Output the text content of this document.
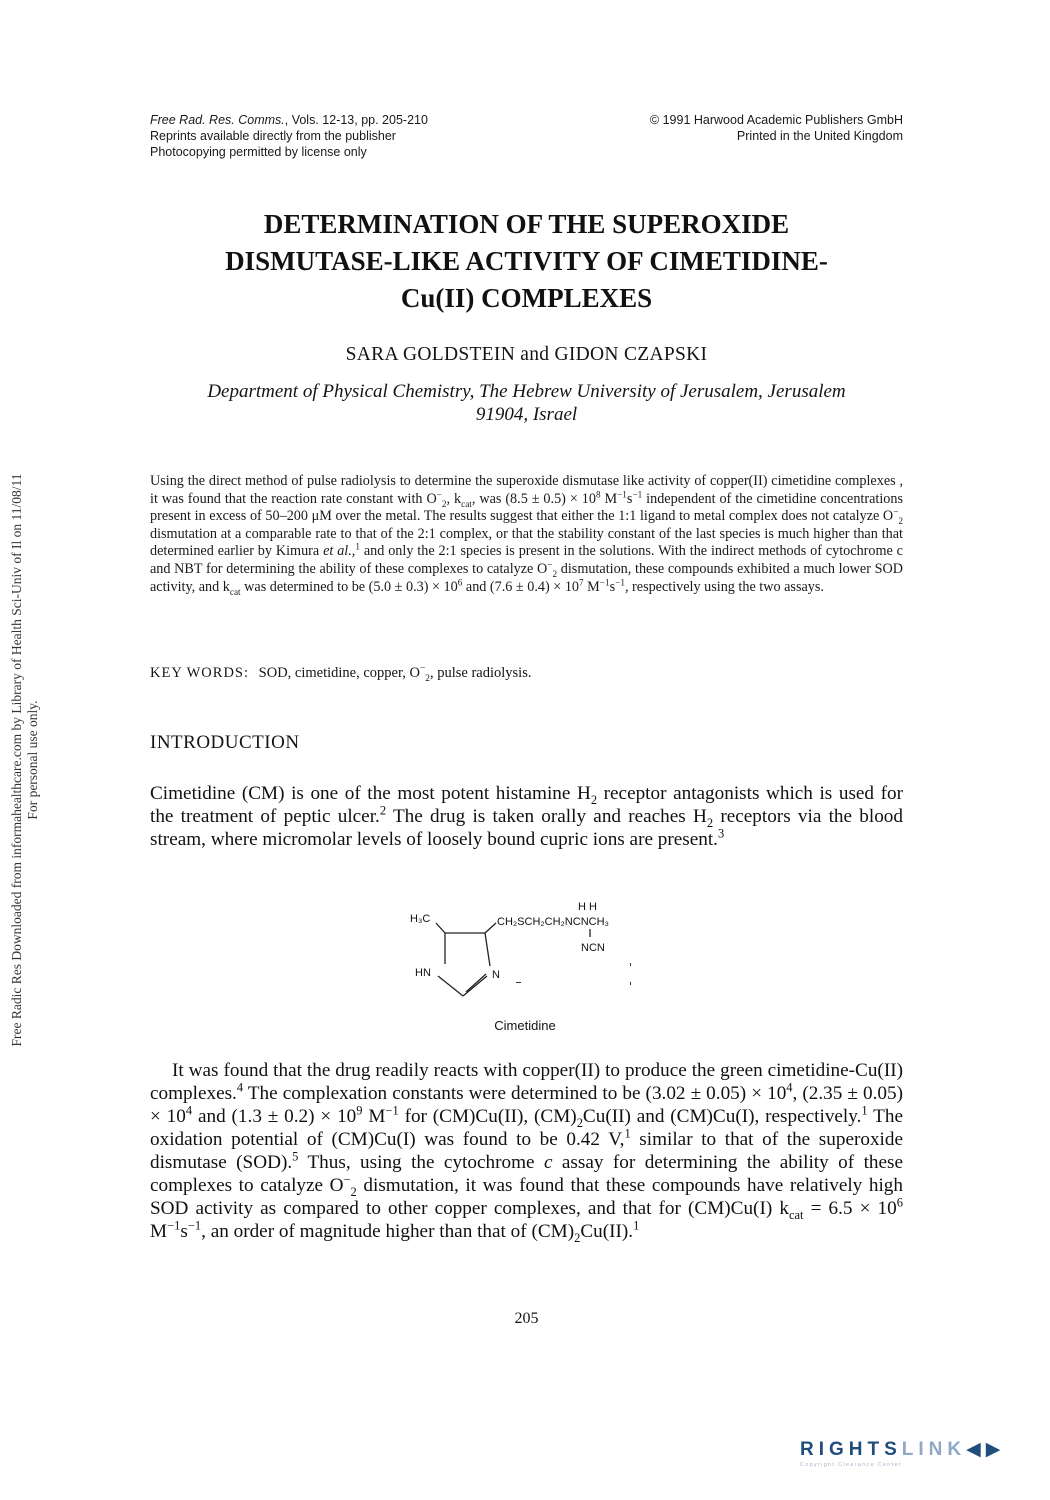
Free Radic Res Downloaded from informahealthcare.com by Library of Health Sci-Univ of Il on 11/08/11 For personal use only.
Free Rad. Res. Comms., Vols. 12-13, pp. 205-210
Reprints available directly from the publisher
Photocopying permitted by license only
© 1991 Harwood Academic Publishers GmbH
Printed in the United Kingdom
DETERMINATION OF THE SUPEROXIDE
DISMUTASE-LIKE ACTIVITY OF CIMETIDINE-
Cu(II) COMPLEXES
SARA GOLDSTEIN and GIDON CZAPSKI
Department of Physical Chemistry, The Hebrew University of Jerusalem, Jerusalem
91904, Israel
Using the direct method of pulse radiolysis to determine the superoxide dismutase like activity of copper(II) cimetidine complexes , it was found that the reaction rate constant with $O^-_2$, $k_{cat}$, was $(8.5 \pm 0.5) \times 10^8$ $M^{-1}s^{-1}$ independent of the cimetidine concentrations present in excess of 50–200 μM over the metal. The results suggest that either the 1:1 ligand to metal complex does not catalyze $O^-_2$ dismutation at a comparable rate to that of the 2:1 complex, or that the stability constant of the last species is much higher than that determined earlier by Kimura et al.,$^1$ and only the 2:1 species is present in the solutions. With the indirect methods of cytochrome c and NBT for determining the ability of these complexes to catalyze $O^-_2$ dismutation, these compounds exhibited a much lower SOD activity, and $k_{cat}$ was determined to be $(5.0 \pm 0.3) \times 10^6$ and $(7.6 \pm 0.4) \times 10^7$ $M^{-1}s^{-1}$, respectively using the two assays.
KEY WORDS: SOD, cimetidine, copper, $O^-_2$, pulse radiolysis.
INTRODUCTION
Cimetidine (CM) is one of the most potent histamine $H_2$ receptor antagonists which is used for the treatment of peptic ulcer.$^2$ The drug is taken orally and reaches $H_2$ receptors via the blood stream, where micromolar levels of loosely bound cupric ions are present.$^3$
H₃C
H H
CH₂SCH₂CH₂NCNCH₃
NCN
HN	N
Cimetidine
It was found that the drug readily reacts with copper(II) to produce the green cimetidine-Cu(II) complexes.$^4$ The complexation constants were determined to be $(3.02 \pm 0.05) \times 10^4$, $(2.35 \pm 0.05) \times 10^4$ and $(1.3 \pm 0.2) \times 10^9$ $M^{-1}$ for (CM)Cu(II), $(CM)_2Cu(II)$ and (CM)Cu(I), respectively.$^1$ The oxidation potential of (CM)Cu(I) was found to be 0.42 V,$^1$ similar to that of the superoxide dismutase (SOD).$^5$ Thus, using the cytochrome c assay for determining the ability of these complexes to catalyze $O^-_2$ dismutation, it was found that these compounds have relatively high SOD activity as compared to other copper complexes, and that for (CM)Cu(I) $k_{cat} = 6.5 \times 10^6$ $M^{-1}s^{-1}$, an order of magnitude higher than that of $(CM)_2Cu(II).^1$
205
RIGHTSLINK◀▶
Copyright Clearance Center
